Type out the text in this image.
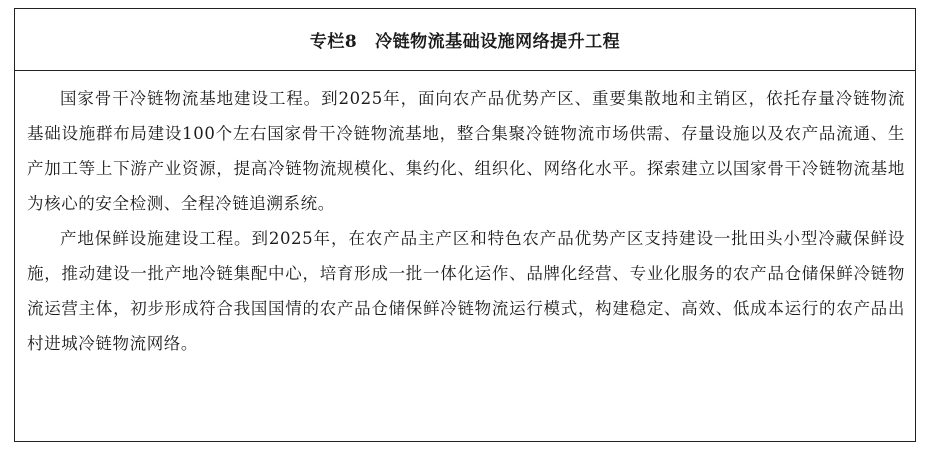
专栏8 冷链物流基础设施网络提升工程

国家骨干冷链物流基地建设工程。到2025年，面向农产品优势产区、重要集散地和主销区，依托存量冷链物流基础设施群布局建设100个左右国家骨干冷链物流基地，整合集聚冷链物流市场供需、存量设施以及农产品流通、生产加工等上下游产业资源，提高冷链物流规模化、集约化、组织化、网络化水平。探索建立以国家骨干冷链物流基地为核心的安全检测、全程冷链追溯系统。

产地保鲜设施建设工程。到2025年，在农产品主产区和特色农产品优势产区支持建设一批田头小型冷藏保鲜设施，推动建设一批产地冷链集配中心，培育形成一批一体化运作、品牌化经营、专业化服务的农产品仓储保鲜冷链物流运营主体，初步形成符合我国国情的农产品仓储保鲜冷链物流运行模式，构建稳定、高效、低成本运行的农产品出村进城冷链物流网络。
